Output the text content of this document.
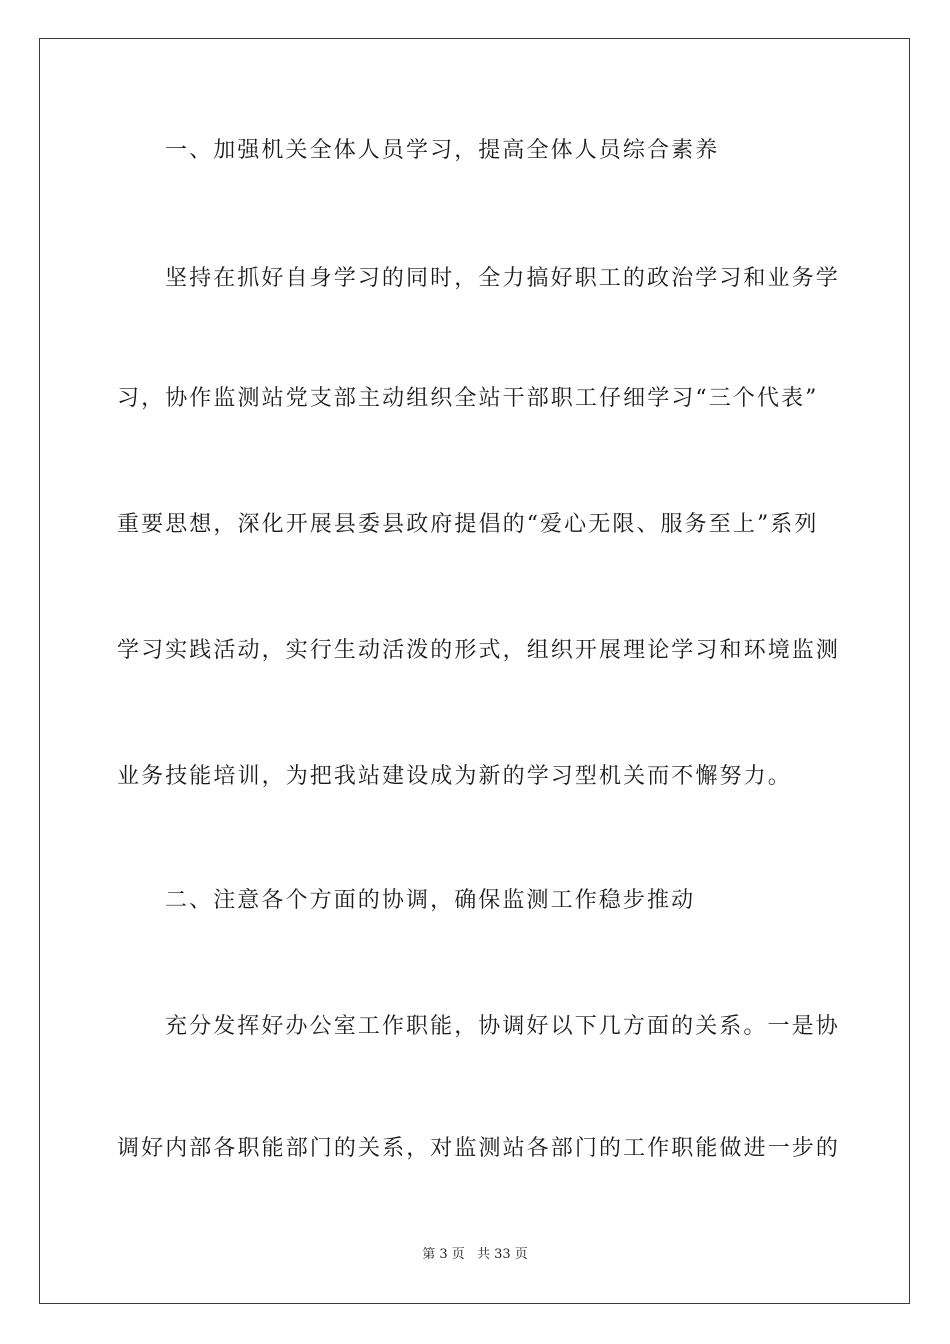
一、加强机关全体人员学习，提高全体人员综合素养
坚持在抓好自身学习的同时，全力搞好职工的政治学习和业务学
习，协作监测站党支部主动组织全站干部职工仔细学习“三个代表”
重要思想，深化开展县委县政府提倡的“爱心无限、服务至上”系列
学习实践活动，实行生动活泼的形式，组织开展理论学习和环境监测
业务技能培训，为把我站建设成为新的学习型机关而不懈努力。
二、注意各个方面的协调，确保监测工作稳步推动
充分发挥好办公室工作职能，协调好以下几方面的关系。一是协
调好内部各职能部门的关系，对监测站各部门的工作职能做进一步的
第 3 页 共 33 页
